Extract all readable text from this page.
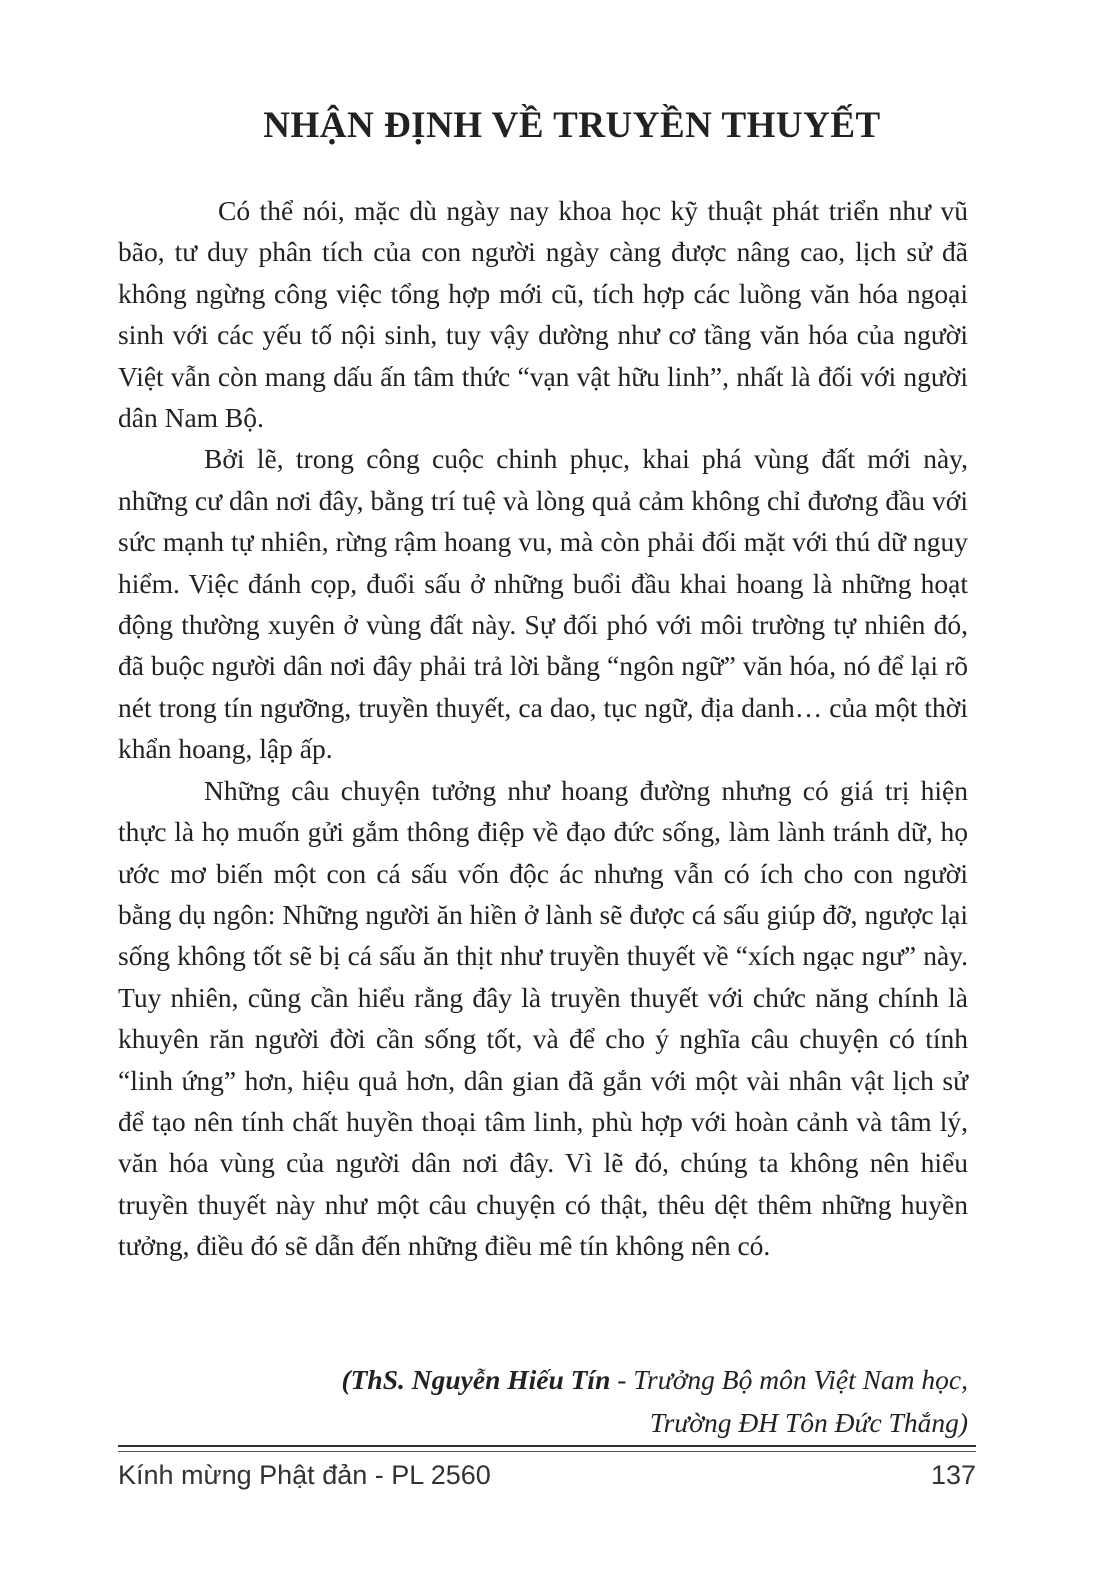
NHẬN ĐỊNH VỀ TRUYỀN THUYẾT

Có thể nói, mặc dù ngày nay khoa học kỹ thuật phát triển như vũ bão, tư duy phân tích của con người ngày càng được nâng cao, lịch sử đã không ngừng công việc tổng hợp mới cũ, tích hợp các luồng văn hóa ngoại sinh với các yếu tố nội sinh, tuy vậy dường như cơ tầng văn hóa của người Việt vẫn còn mang dấu ấn tâm thức “vạn vật hữu linh”, nhất là đối với người dân Nam Bộ.

Bởi lẽ, trong công cuộc chinh phục, khai phá vùng đất mới này, những cư dân nơi đây, bằng trí tuệ và lòng quả cảm không chỉ đương đầu với sức mạnh tự nhiên, rừng rậm hoang vu, mà còn phải đối mặt với thú dữ nguy hiểm. Việc đánh cọp, đuổi sấu ở những buổi đầu khai hoang là những hoạt động thường xuyên ở vùng đất này. Sự đối phó với môi trường tự nhiên đó, đã buộc người dân nơi đây phải trả lời bằng “ngôn ngữ” văn hóa, nó để lại rõ nét trong tín ngưỡng, truyền thuyết, ca dao, tục ngữ, địa danh… của một thời khẩn hoang, lập ấp.

Những câu chuyện tưởng như hoang đường nhưng có giá trị hiện thực là họ muốn gửi gắm thông điệp về đạo đức sống, làm lành tránh dữ, họ ước mơ biến một con cá sấu vốn độc ác nhưng vẫn có ích cho con người bằng dụ ngôn: Những người ăn hiền ở lành sẽ được cá sấu giúp đỡ, ngược lại sống không tốt sẽ bị cá sấu ăn thịt như truyền thuyết về “xích ngạc ngư” này. Tuy nhiên, cũng cần hiểu rằng đây là truyền thuyết với chức năng chính là khuyên răn người đời cần sống tốt, và để cho ý nghĩa câu chuyện có tính “linh ứng” hơn, hiệu quả hơn, dân gian đã gắn với một vài nhân vật lịch sử để tạo nên tính chất huyền thoại tâm linh, phù hợp với hoàn cảnh và tâm lý, văn hóa vùng của người dân nơi đây. Vì lẽ đó, chúng ta không nên hiểu truyền thuyết này như một câu chuyện có thật, thêu dệt thêm những huyền tưởng, điều đó sẽ dẫn đến những điều mê tín không nên có.

(ThS. Nguyễn Hiếu Tín - Trưởng Bộ môn Việt Nam học,
Trường ĐH Tôn Đức Thắng)
Kính mừng Phật đản - PL 2560	137
